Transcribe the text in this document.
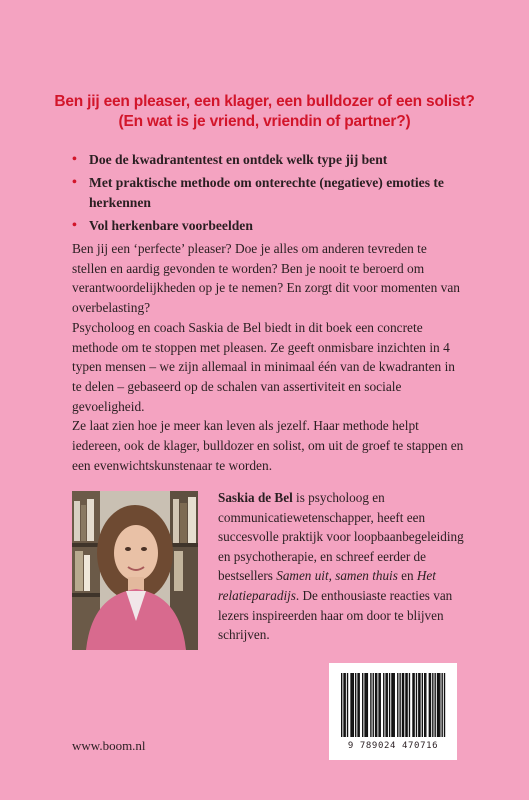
Ben jij een pleaser, een klager, een bulldozer of een solist?
(En wat is je vriend, vriendin of partner?)
• Doe de kwadrantentest en ontdek welk type jij bent
• Met praktische methode om onterechte (negatieve) emoties te herkennen
• Vol herkenbare voorbeelden

Ben jij een ‘perfecte’ pleaser? Doe je alles om anderen tevreden te stellen en aardig gevonden te worden? Ben je nooit te beroerd om verantwoordelijkheden op je te nemen? En zorgt dit voor momenten van overbelasting?

Psycholoog en coach Saskia de Bel biedt in dit boek een concrete methode om te stoppen met pleasen. Ze geeft onmisbare inzichten in 4 typen mensen – we zijn allemaal in minimaal één van de kwadranten in te delen – gebaseerd op de schalen van assertiviteit en sociale gevoeligheid.

Ze laat zien hoe je meer kan leven als jezelf. Haar methode helpt iedereen, ook de klager, bulldozer en solist, om uit de groef te stappen en een evenwichtskunstenaar te worden.

Saskia de Bel is psycholoog en communicatiewetenschapper, heeft een succesvolle praktijk voor loopbaanbegeleiding en psychotherapie, en schreef eerder de bestsellers Samen uit, samen thuis en Het relatieparadijs. De enthousiaste reacties van lezers inspireerden haar om door te blijven schrijven.
9 789024 470716
www.boom.nl
